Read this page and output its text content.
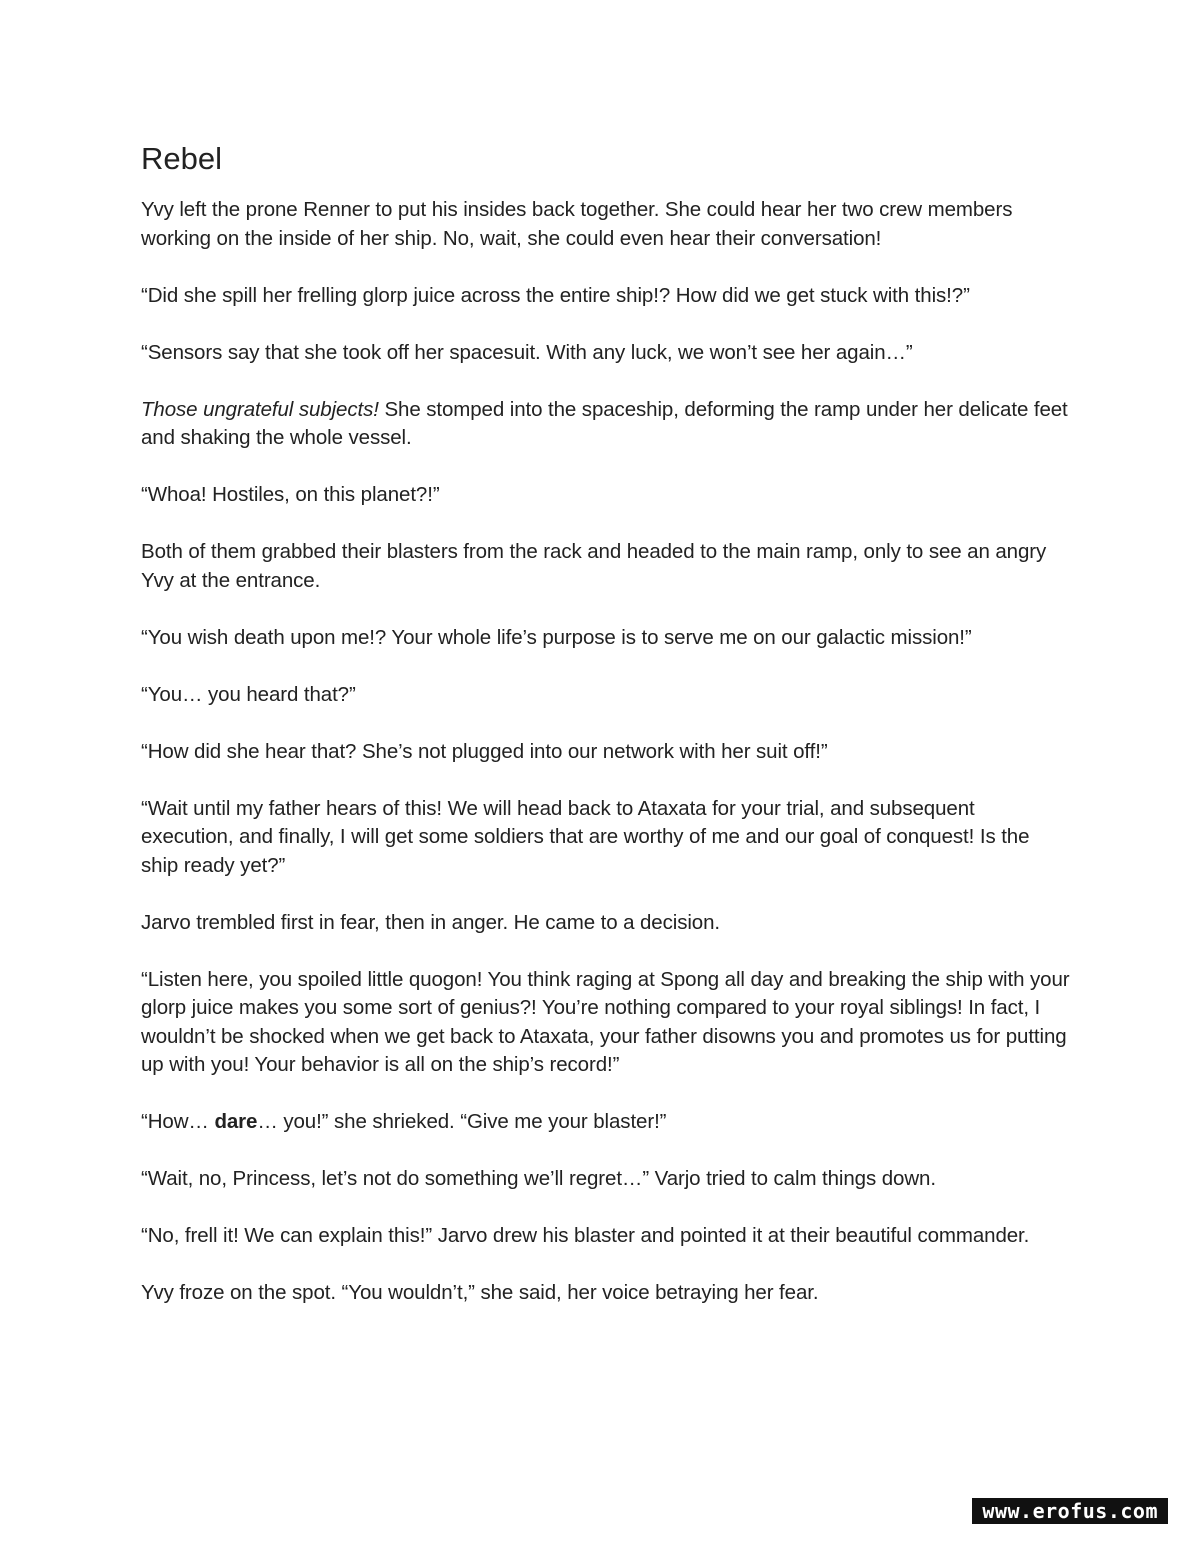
Rebel

Yvy left the prone Renner to put his insides back together. She could hear her two crew members working on the inside of her ship. No, wait, she could even hear their conversation!

“Did she spill her frelling glorp juice across the entire ship!? How did we get stuck with this!?”

“Sensors say that she took off her spacesuit. With any luck, we won’t see her again…”

Those ungrateful subjects! She stomped into the spaceship, deforming the ramp under her delicate feet and shaking the whole vessel.

“Whoa! Hostiles, on this planet?!”

Both of them grabbed their blasters from the rack and headed to the main ramp, only to see an angry Yvy at the entrance.

“You wish death upon me!? Your whole life’s purpose is to serve me on our galactic mission!”

“You… you heard that?”

“How did she hear that? She’s not plugged into our network with her suit off!”

“Wait until my father hears of this! We will head back to Ataxata for your trial, and subsequent execution, and finally, I will get some soldiers that are worthy of me and our goal of conquest! Is the ship ready yet?”

Jarvo trembled first in fear, then in anger. He came to a decision.

“Listen here, you spoiled little quogon! You think raging at Spong all day and breaking the ship with your glorp juice makes you some sort of genius?! You’re nothing compared to your royal siblings! In fact, I wouldn’t be shocked when we get back to Ataxata, your father disowns you and promotes us for putting up with you! Your behavior is all on the ship’s record!”

“How… dare… you!” she shrieked. “Give me your blaster!”

“Wait, no, Princess, let’s not do something we’ll regret…” Varjo tried to calm things down.

“No, frell it! We can explain this!” Jarvo drew his blaster and pointed it at their beautiful commander.

Yvy froze on the spot. “You wouldn’t,” she said, her voice betraying her fear.

www.erofus.com
